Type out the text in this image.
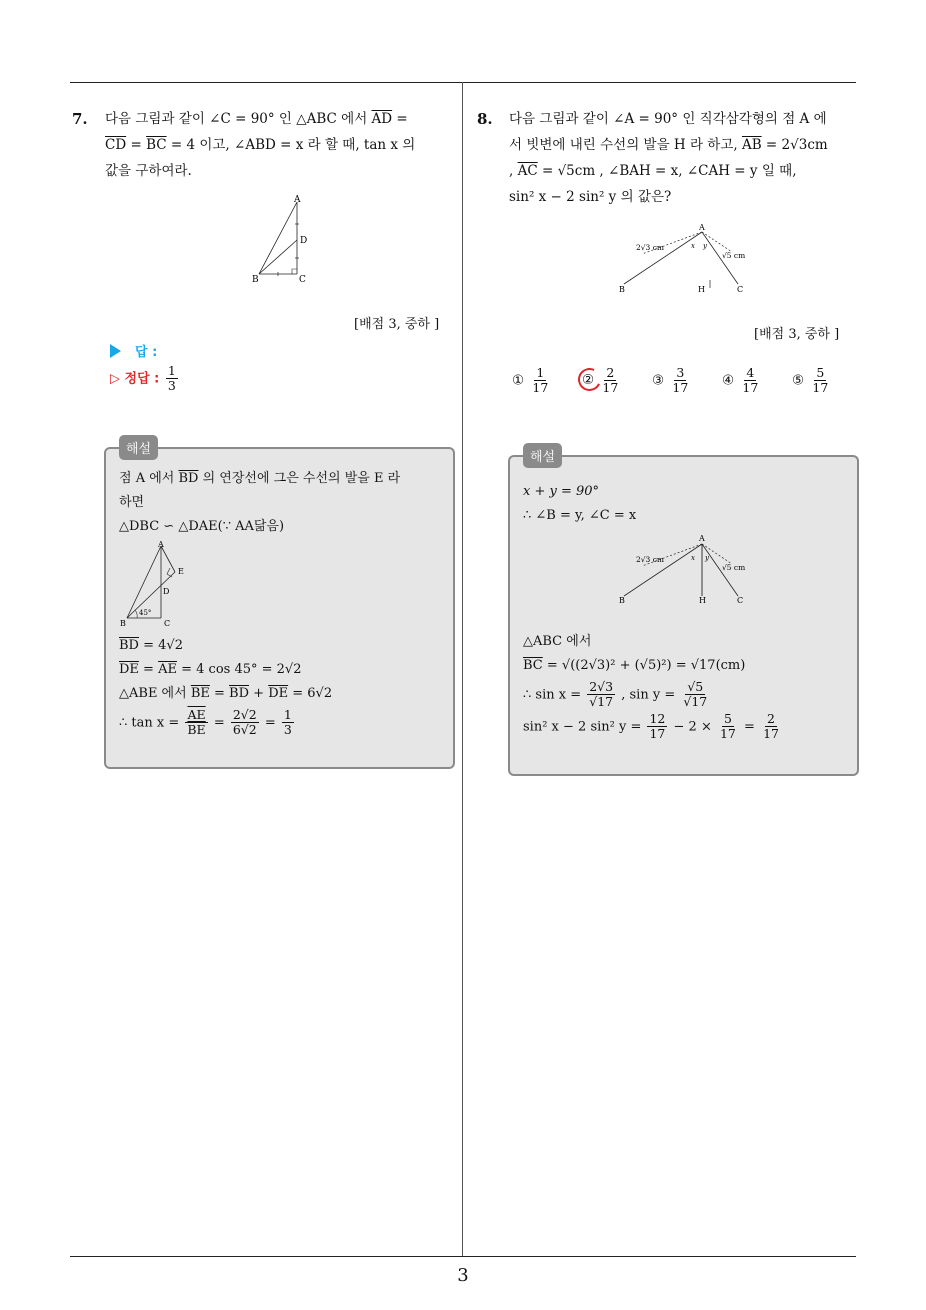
3
7. 다음 그림과 같이 ∠C = 90° 인 △ABC 에서 $\overline{AD}$ =
$\overline{CD} = \overline{BC} = 4$ 이고, ∠ABD = x 라 할 때, tan x 의
값을 구하여라.
A
D
B	C
[배점 3, 중하 ]
답 :
▷ 정답 : $\frac{1}{3}$
해설
점 A 에서 $\overline{BD}$ 의 연장선에 그은 수선의 발을 E 라
하면
△DBC ∽ △DAE(∵ AA닮음)
A
E
D
B	C
45°
$\overline{BD} = 4√2$
$\overline{DE} = \overline{AE} = 4$ cos 45° = 2√2
△ABE 에서 $\overline{BE} = \overline{BD} + \overline{DE} = 6√2$
∴ $\tan x = \frac{\overline{AE}}{BE} = \frac{2√2}{6√2} = \frac{1}{3}$
8. 다음 그림과 같이 ∠A = 90° 인 직각삼각형의 점 A 에
서 빗변에 내린 수선의 발을 H 라 하고, $\overline{AB} = 2√3cm$
, $\overline{AC} = √5cm$ , ∠BAH = x, ∠CAH = y 일 때,
sin² x − 2 sin² y 의 값은?
A
B	C
H
2√3 cm
√5 cm
x y
[배점 3, 중하 ]
① $\frac{1}{17}$ ② $\frac{2}{17}$ ③ $\frac{3}{17}$ ④ $\frac{4}{17}$ ⑤ $\frac{5}{17}$
해설
x + y = 90°
∴ ∠B = y, ∠C = x
A
B	C
H
2√3 cm
√5 cm
x y
△ABC 에서
$\overline{BC} = √((2√3)^2 + (√5)^2) = √17(cm)$
∴ $\sin x = \frac{2√3}{√17}$ , $\sin y = \frac{√5}{√17}$
sin² x − 2 sin² $y = \frac{12}{17} - 2 \times \frac{5}{17} = \frac{2}{17}$
